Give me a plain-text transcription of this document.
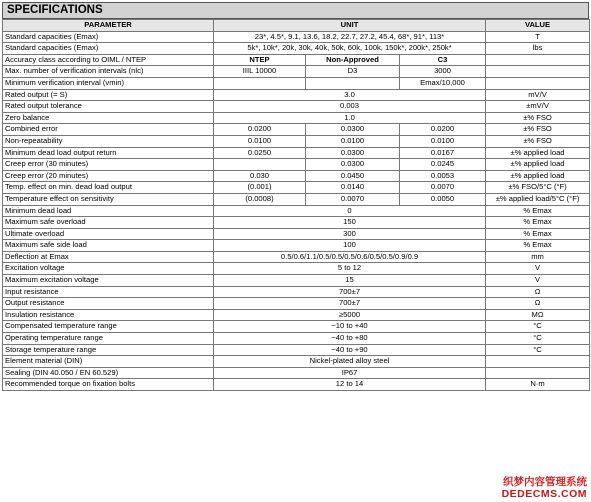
SPECIFICATIONS
PARAMETER	UNIT			VALUE
Standard capacities (Emax)	23*, 4.5*, 9.1, 13.6, 18.2, 22.7, 27.2, 45.4, 68*, 91*, 113*			T
Standard capacities (Emax)	5k*, 10k*, 20k, 30k, 40k, 50k, 60k, 100k, 150k*, 200k*, 250k*			lbs
Accuracy class according to OIML / NTEP	NTEP	Non-Approved	C3	
Max. number of verification intervals (nlc)	IIIL 10000	D3	3000	
Minimum verification interval (vmin)			Emax/10,000	
Rated output (= S)	3.0			mV/V
Rated output tolerance	0.003			±mV/V
Zero balance	1.0			±% FSO
Combined error	0.0200	0.0300	0.0200	±% FSO
Non-repeatability	0.0100	0.0100	0.0100	±% FSO
Minimum dead load output return	0.0250	0.0300	0.0167	±% applied load
Creep error (30 minutes)		0.0300	0.0245	±% applied load
Creep error (20 minutes)	0.030	0.0450	0.0053	±% applied load
Temp. effect on min. dead load output	(0.001)	0.0140	0.0070	±% FSO/5°C (°F)
Temperature effect on sensitivity	(0.0008)	0.0070	0.0050	±% applied load/5°C (°F)
Minimum dead load	0			% Emax
Maximum safe overload	150			% Emax
Ultimate overload	300			% Emax
Maximum safe side load	100			% Emax
Deflection at Emax	0.5/0.6/1.1/0.5/0.5/0.5/0.6/0.5/0.5/0.9/0.9			mm
Excitation voltage	5 to 12			V
Maximum excitation voltage	15			V
Input resistance	700±7			Ω
Output resistance	700±7			Ω
Insulation resistance	≥5000			MΩ
Compensated temperature range	−10 to +40			°C
Operating temperature range	−40 to +80			°C
Storage temperature range	−40 to +90			°C
Element material (DIN)	Nickel-plated alloy steel			
Sealing (DIN 40.050 / EN 60.529)	IP67			
Recommended torque on fixation bolts	12 to 14			N·m
织梦内容管理系统
DEDECMS.COM
